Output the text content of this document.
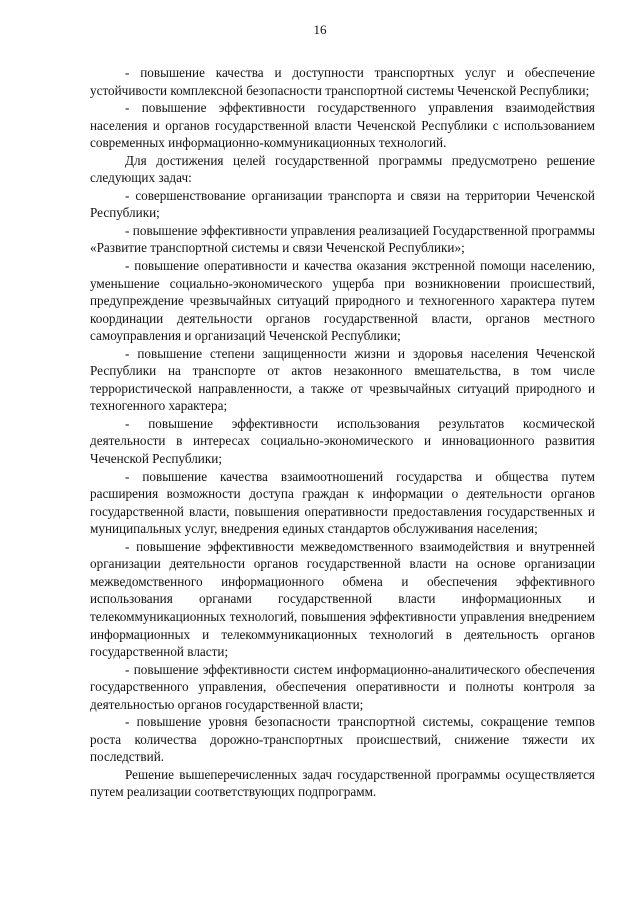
16

- повышение качества и доступности транспортных услуг и обеспечение устойчивости комплексной безопасности транспортной системы Чеченской Республики;

- повышение эффективности государственного управления взаимодействия населения и органов государственной власти Чеченской Республики с использованием современных информационно-коммуникационных технологий.

Для достижения целей государственной программы предусмотрено решение следующих задач:

- совершенствование организации транспорта и связи на территории Чеченской Республики;

- повышение эффективности управления реализацией Государственной программы «Развитие транспортной системы и связи Чеченской Республики»;

- повышение оперативности и качества оказания экстренной помощи населению, уменьшение социально-экономического ущерба при возникновении происшествий, предупреждение чрезвычайных ситуаций природного и техногенного характера путем координации деятельности органов государственной власти, органов местного самоуправления и организаций Чеченской Республики;

- повышение степени защищенности жизни и здоровья населения Чеченской Республики на транспорте от актов незаконного вмешательства, в том числе террористической направленности, а также от чрезвычайных ситуаций природного и техногенного характера;

- повышение эффективности использования результатов космической деятельности в интересах социально-экономического и инновационного развития Чеченской Республики;

- повышение качества взаимоотношений государства и общества путем расширения возможности доступа граждан к информации о деятельности органов государственной власти, повышения оперативности предоставления государственных и муниципальных услуг, внедрения единых стандартов обслуживания населения;

- повышение эффективности межведомственного взаимодействия и внутренней организации деятельности органов государственной власти на основе организации межведомственного информационного обмена и обеспечения эффективного использования органами государственной власти информационных и телекоммуникационных технологий, повышения эффективности управления внедрением информационных и телекоммуникационных технологий в деятельность органов государственной власти;

- повышение эффективности систем информационно-аналитического обеспечения государственного управления, обеспечения оперативности и полноты контроля за деятельностью органов государственной власти;

- повышение уровня безопасности транспортной системы, сокращение темпов роста количества дорожно-транспортных происшествий, снижение тяжести их последствий.

Решение вышеперечисленных задач государственной программы осуществляется путем реализации соответствующих подпрограмм.
